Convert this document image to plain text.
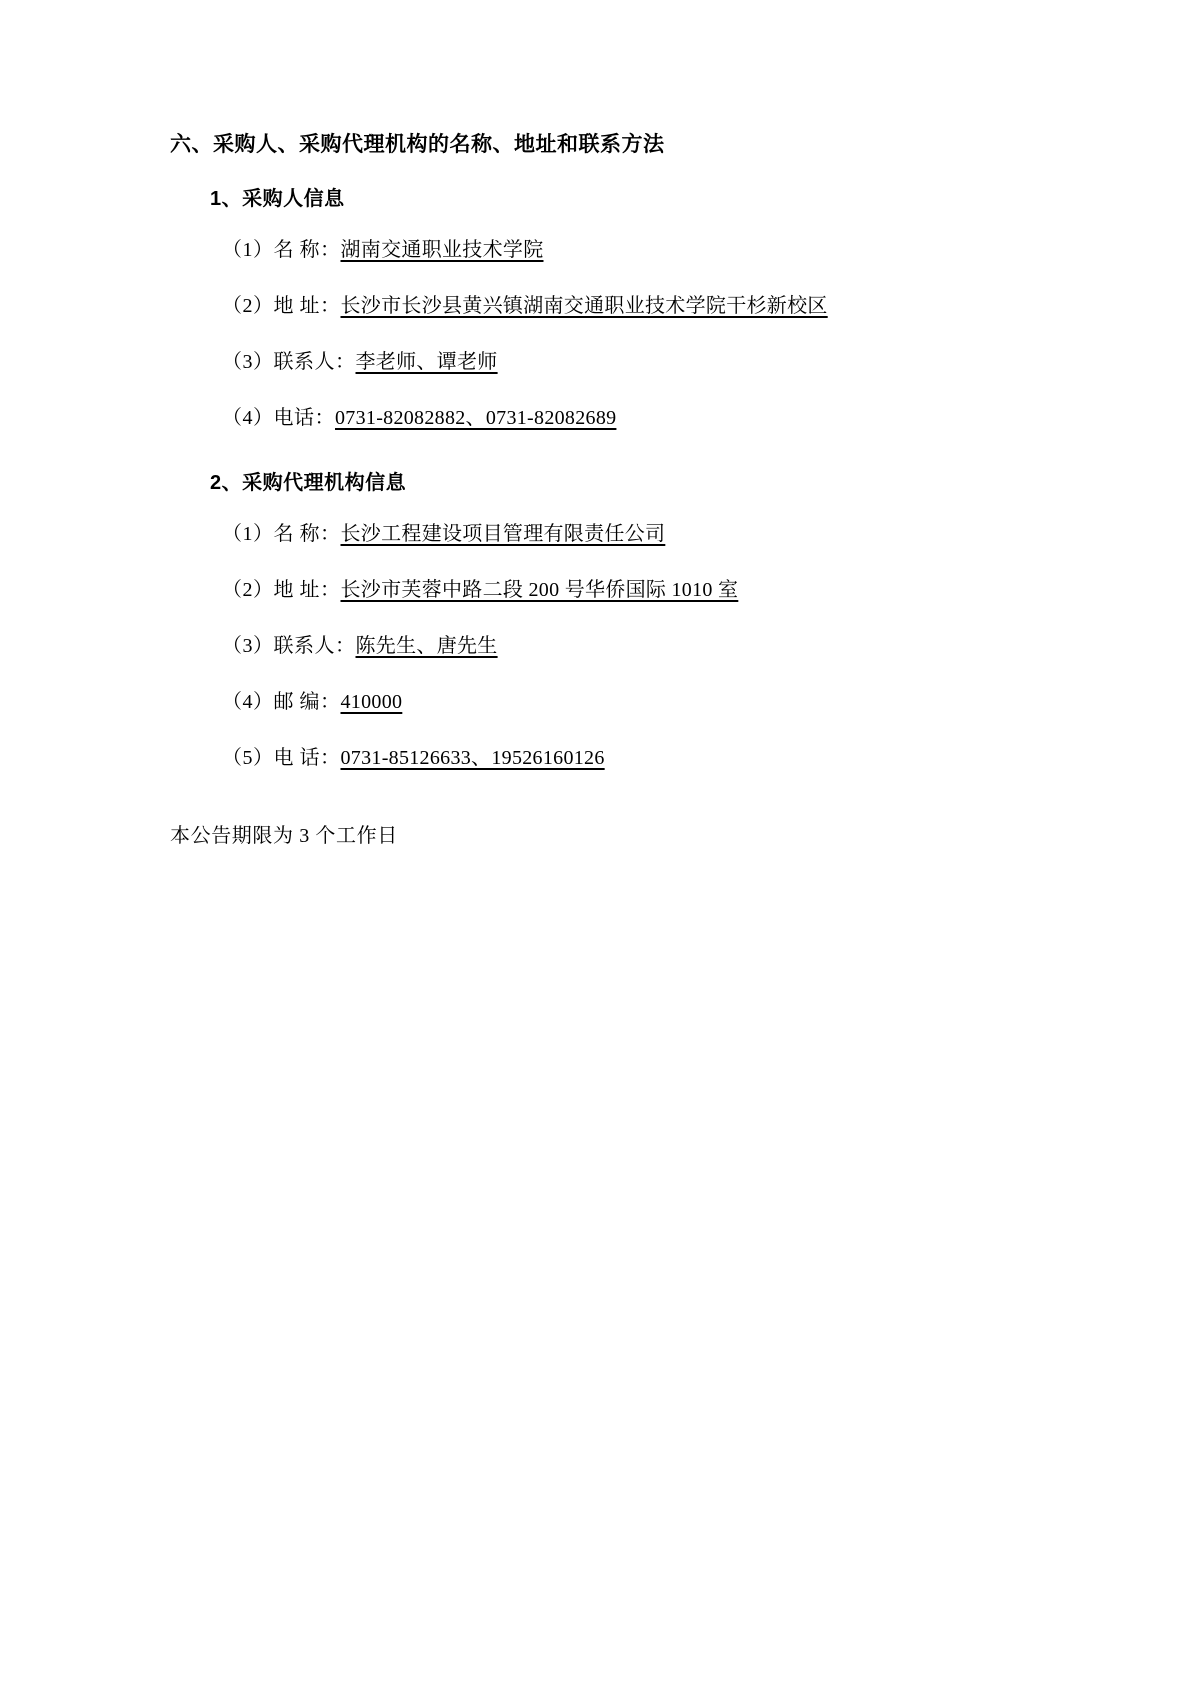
六、采购人、采购代理机构的名称、地址和联系方法
1、采购人信息
（1）名 称：湖南交通职业技术学院
（2）地 址：长沙市长沙县黄兴镇湖南交通职业技术学院干杉新校区
（3）联系人：李老师、谭老师
（4）电话：0731-82082882、0731-82082689
2、采购代理机构信息
（1）名 称：长沙工程建设项目管理有限责任公司
（2）地 址：长沙市芙蓉中路二段 200 号华侨国际 1010 室
（3）联系人：陈先生、唐先生
（4）邮 编：410000
（5）电 话：0731-85126633、19526160126
本公告期限为 3 个工作日
